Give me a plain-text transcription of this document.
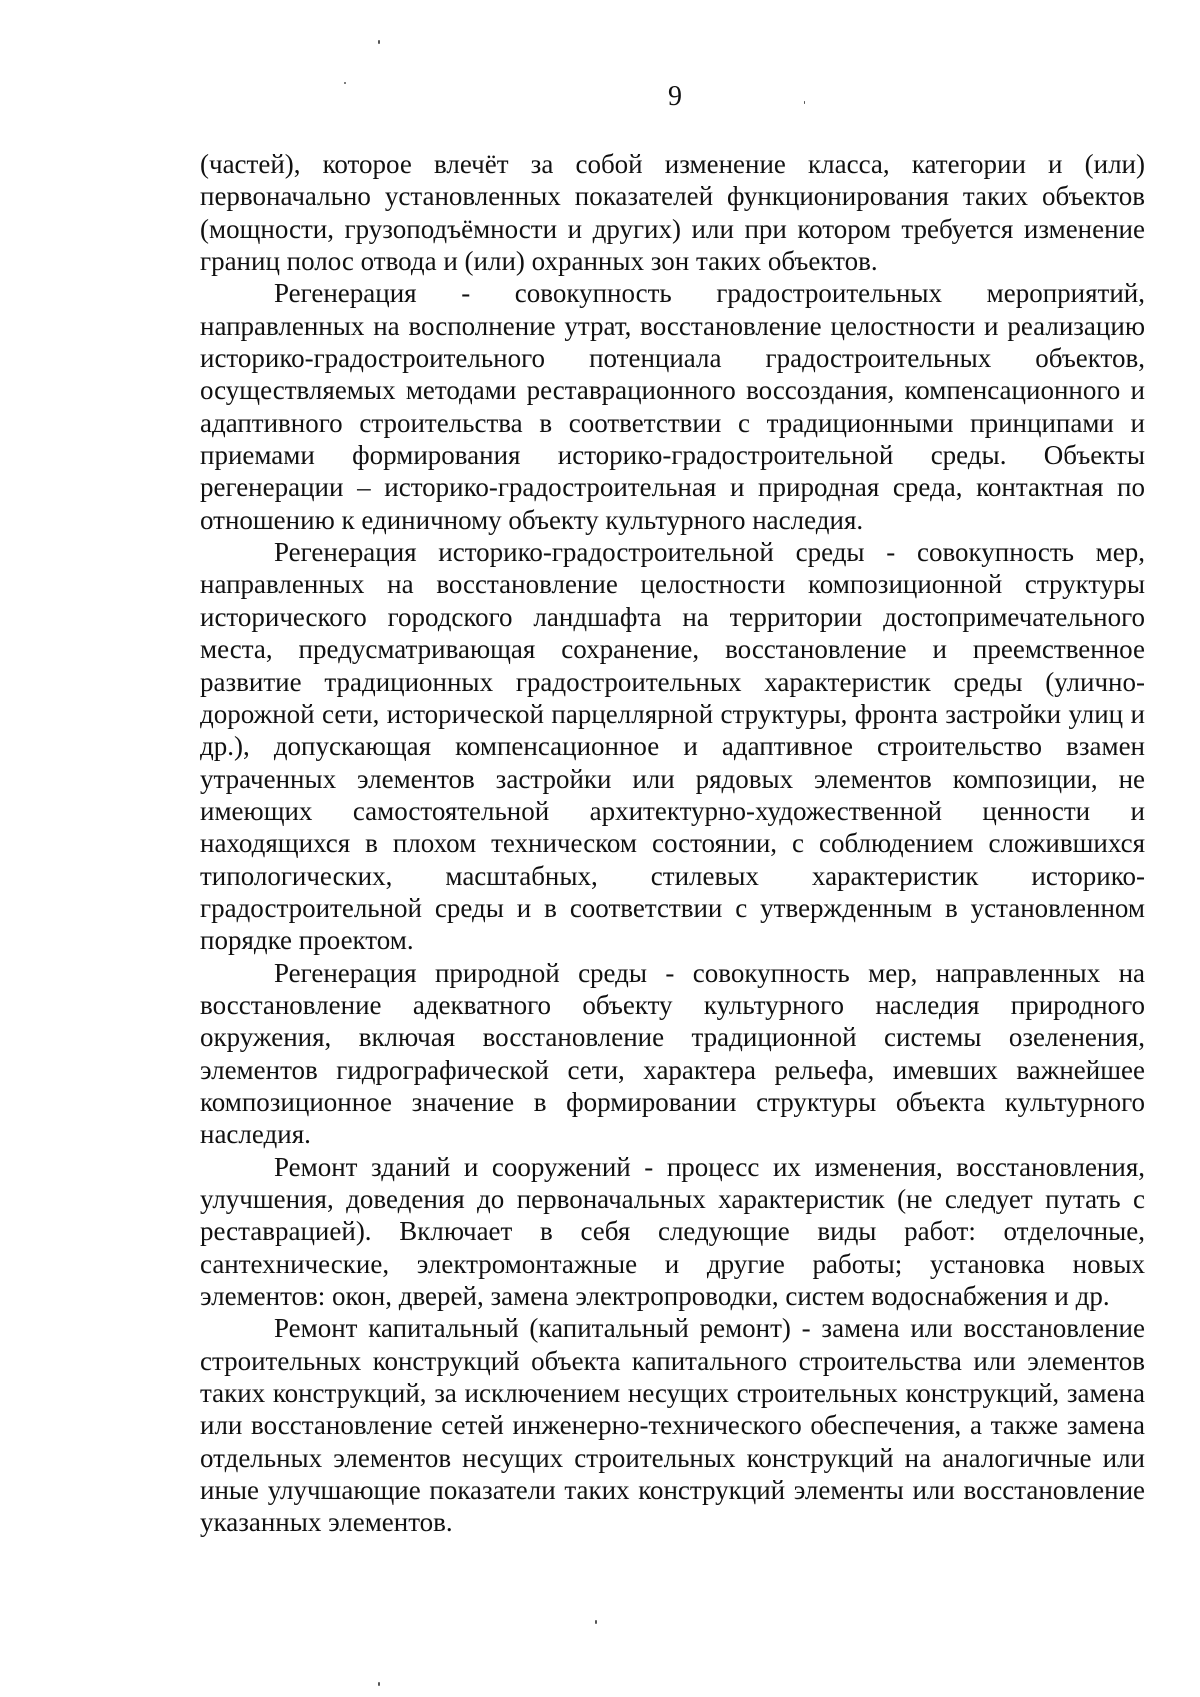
9

(частей), которое влечёт за собой изменение класса, категории и (или) первоначально установленных показателей функционирования таких объектов (мощности, грузоподъёмности и других) или при котором требуется изменение границ полос отвода и (или) охранных зон таких объектов.

Регенерация - совокупность градостроительных мероприятий, направленных на восполнение утрат, восстановление целостности и реализацию историко-градостроительного потенциала градостроительных объектов, осуществляемых методами реставрационного воссоздания, компенсационного и адаптивного строительства в соответствии с традиционными принципами и приемами формирования историко-градостроительной среды. Объекты регенерации – историко-градостроительная и природная среда, контактная по отношению к единичному объекту культурного наследия.

Регенерация историко-градостроительной среды - совокупность мер, направленных на восстановление целостности композиционной структуры исторического городского ландшафта на территории достопримечательного места, предусматривающая сохранение, восстановление и преемственное развитие традиционных градостроительных характеристик среды (улично-дорожной сети, исторической парцеллярной структуры, фронта застройки улиц и др.), допускающая компенсационное и адаптивное строительство взамен утраченных элементов застройки или рядовых элементов композиции, не имеющих самостоятельной архитектурно-художественной ценности и находящихся в плохом техническом состоянии, с соблюдением сложившихся типологических, масштабных, стилевых характеристик историко-градостроительной среды и в соответствии с утвержденным в установленном порядке проектом.

Регенерация природной среды - совокупность мер, направленных на восстановление адекватного объекту культурного наследия природного окружения, включая восстановление традиционной системы озеленения, элементов гидрографической сети, характера рельефа, имевших важнейшее композиционное значение в формировании структуры объекта культурного наследия.

Ремонт зданий и сооружений - процесс их изменения, восстановления, улучшения, доведения до первоначальных характеристик (не следует путать с реставрацией). Включает в себя следующие виды работ: отделочные, сантехнические, электромонтажные и другие работы; установка новых элементов: окон, дверей, замена электропроводки, систем водоснабжения и др.

Ремонт капитальный (капитальный ремонт) - замена или восстановление строительных конструкций объекта капитального строительства или элементов таких конструкций, за исключением несущих строительных конструкций, замена или восстановление сетей инженерно-технического обеспечения, а также замена отдельных элементов несущих строительных конструкций на аналогичные или иные улучшающие показатели таких конструкций элементы или восстановление указанных элементов.
